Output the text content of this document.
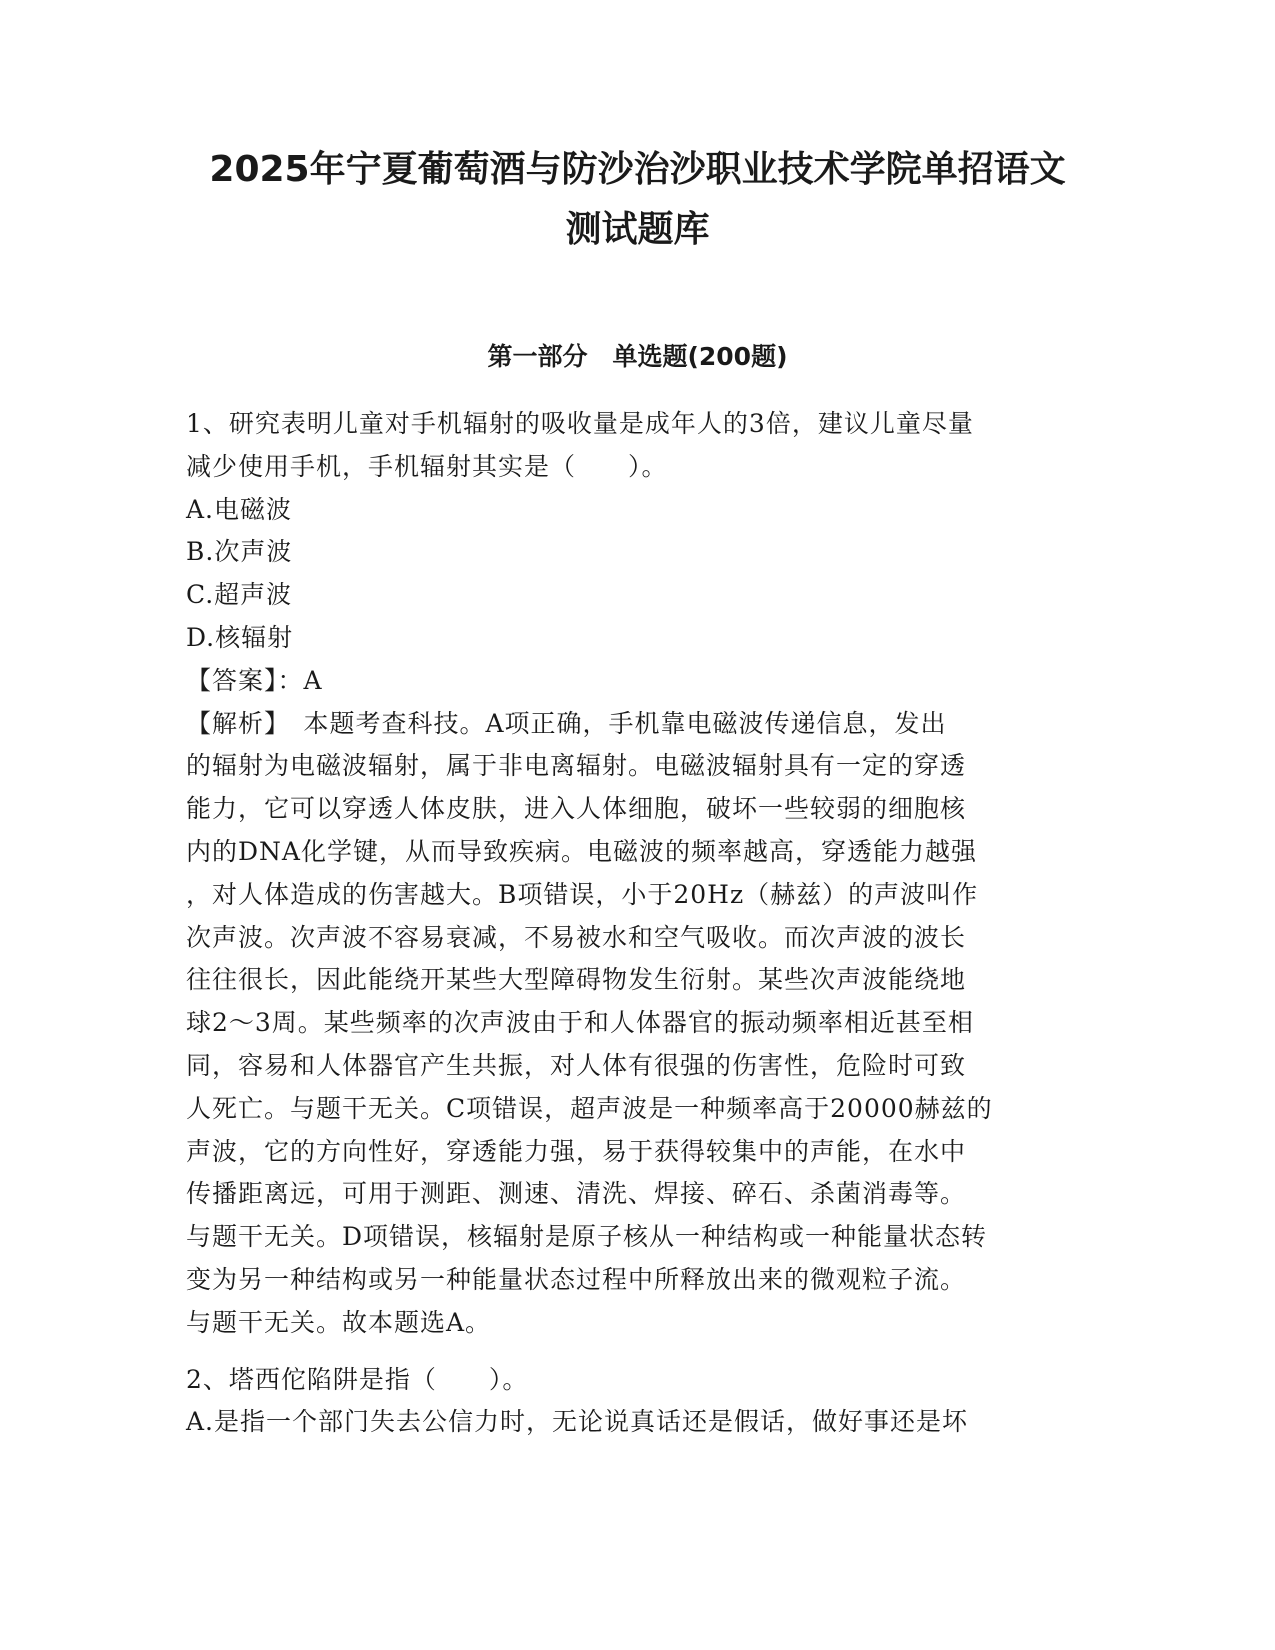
2025年宁夏葡萄酒与防沙治沙职业技术学院单招语文
测试题库
第一部分　单选题(200题)
1、研究表明儿童对手机辐射的吸收量是成年人的3倍，建议儿童尽量
减少使用手机，手机辐射其实是（　　）。
A.电磁波
B.次声波
C.超声波
D.核辐射
【答案】：A
【解析】　本题考查科技。A项正确，手机靠电磁波传递信息，发出
的辐射为电磁波辐射，属于非电离辐射。电磁波辐射具有一定的穿透
能力，它可以穿透人体皮肤，进入人体细胞，破坏一些较弱的细胞核
内的DNA化学键，从而导致疾病。电磁波的频率越高，穿透能力越强
，对人体造成的伤害越大。B项错误，小于20Hz（赫兹）的声波叫作
次声波。次声波不容易衰减，不易被水和空气吸收。而次声波的波长
往往很长，因此能绕开某些大型障碍物发生衍射。某些次声波能绕地
球2～3周。某些频率的次声波由于和人体器官的振动频率相近甚至相
同，容易和人体器官产生共振，对人体有很强的伤害性，危险时可致
人死亡。与题干无关。C项错误，超声波是一种频率高于20000赫兹的
声波，它的方向性好，穿透能力强，易于获得较集中的声能，在水中
传播距离远，可用于测距、测速、清洗、焊接、碎石、杀菌消毒等。
与题干无关。D项错误，核辐射是原子核从一种结构或一种能量状态转
变为另一种结构或另一种能量状态过程中所释放出来的微观粒子流。
与题干无关。故本题选A。
2、塔西佗陷阱是指（　　）。
A.是指一个部门失去公信力时，无论说真话还是假话，做好事还是坏
